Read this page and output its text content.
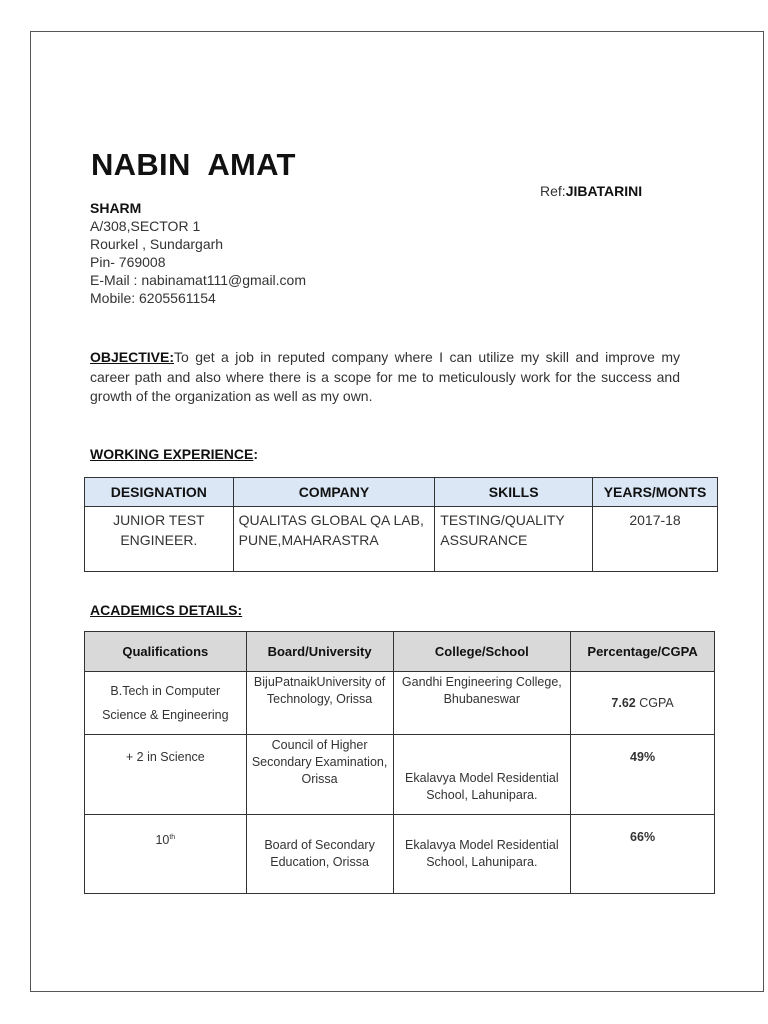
NABIN  AMAT
Ref:JIBATARINI
SHARM
A/308,SECTOR 1
Rourkel , Sundargarh
Pin- 769008
E-Mail : nabinamat111@gmail.com
Mobile: 6205561154
OBJECTIVE:To get a job in reputed company where I can utilize my skill and improve my career path and also where there is a scope for me to meticulously work for the success and growth of the organization as well as my own.
WORKING EXPERIENCE:
DESIGNATION	COMPANY	SKILLS	YEARS/MONTS
JUNIOR TEST ENGINEER.	QUALITAS GLOBAL QA LAB, PUNE,MAHARASTRA	TESTING/QUALITY ASSURANCE	2017-18
ACADEMICS DETAILS:
Qualifications	Board/University	College/School	Percentage/CGPA

B.Tech in Computer
Science & Engineering	BijuPatnaikUniversity of Technology, Orissa	Gandhi Engineering College, Bhubaneswar	7.62 CGPA
+ 2 in Science	Council of Higher Secondary Examination, Orissa	Ekalavya Model Residential School, Lahunipara.	49%
10th	Board of Secondary Education, Orissa	Ekalavya Model Residential School, Lahunipara.	66%
